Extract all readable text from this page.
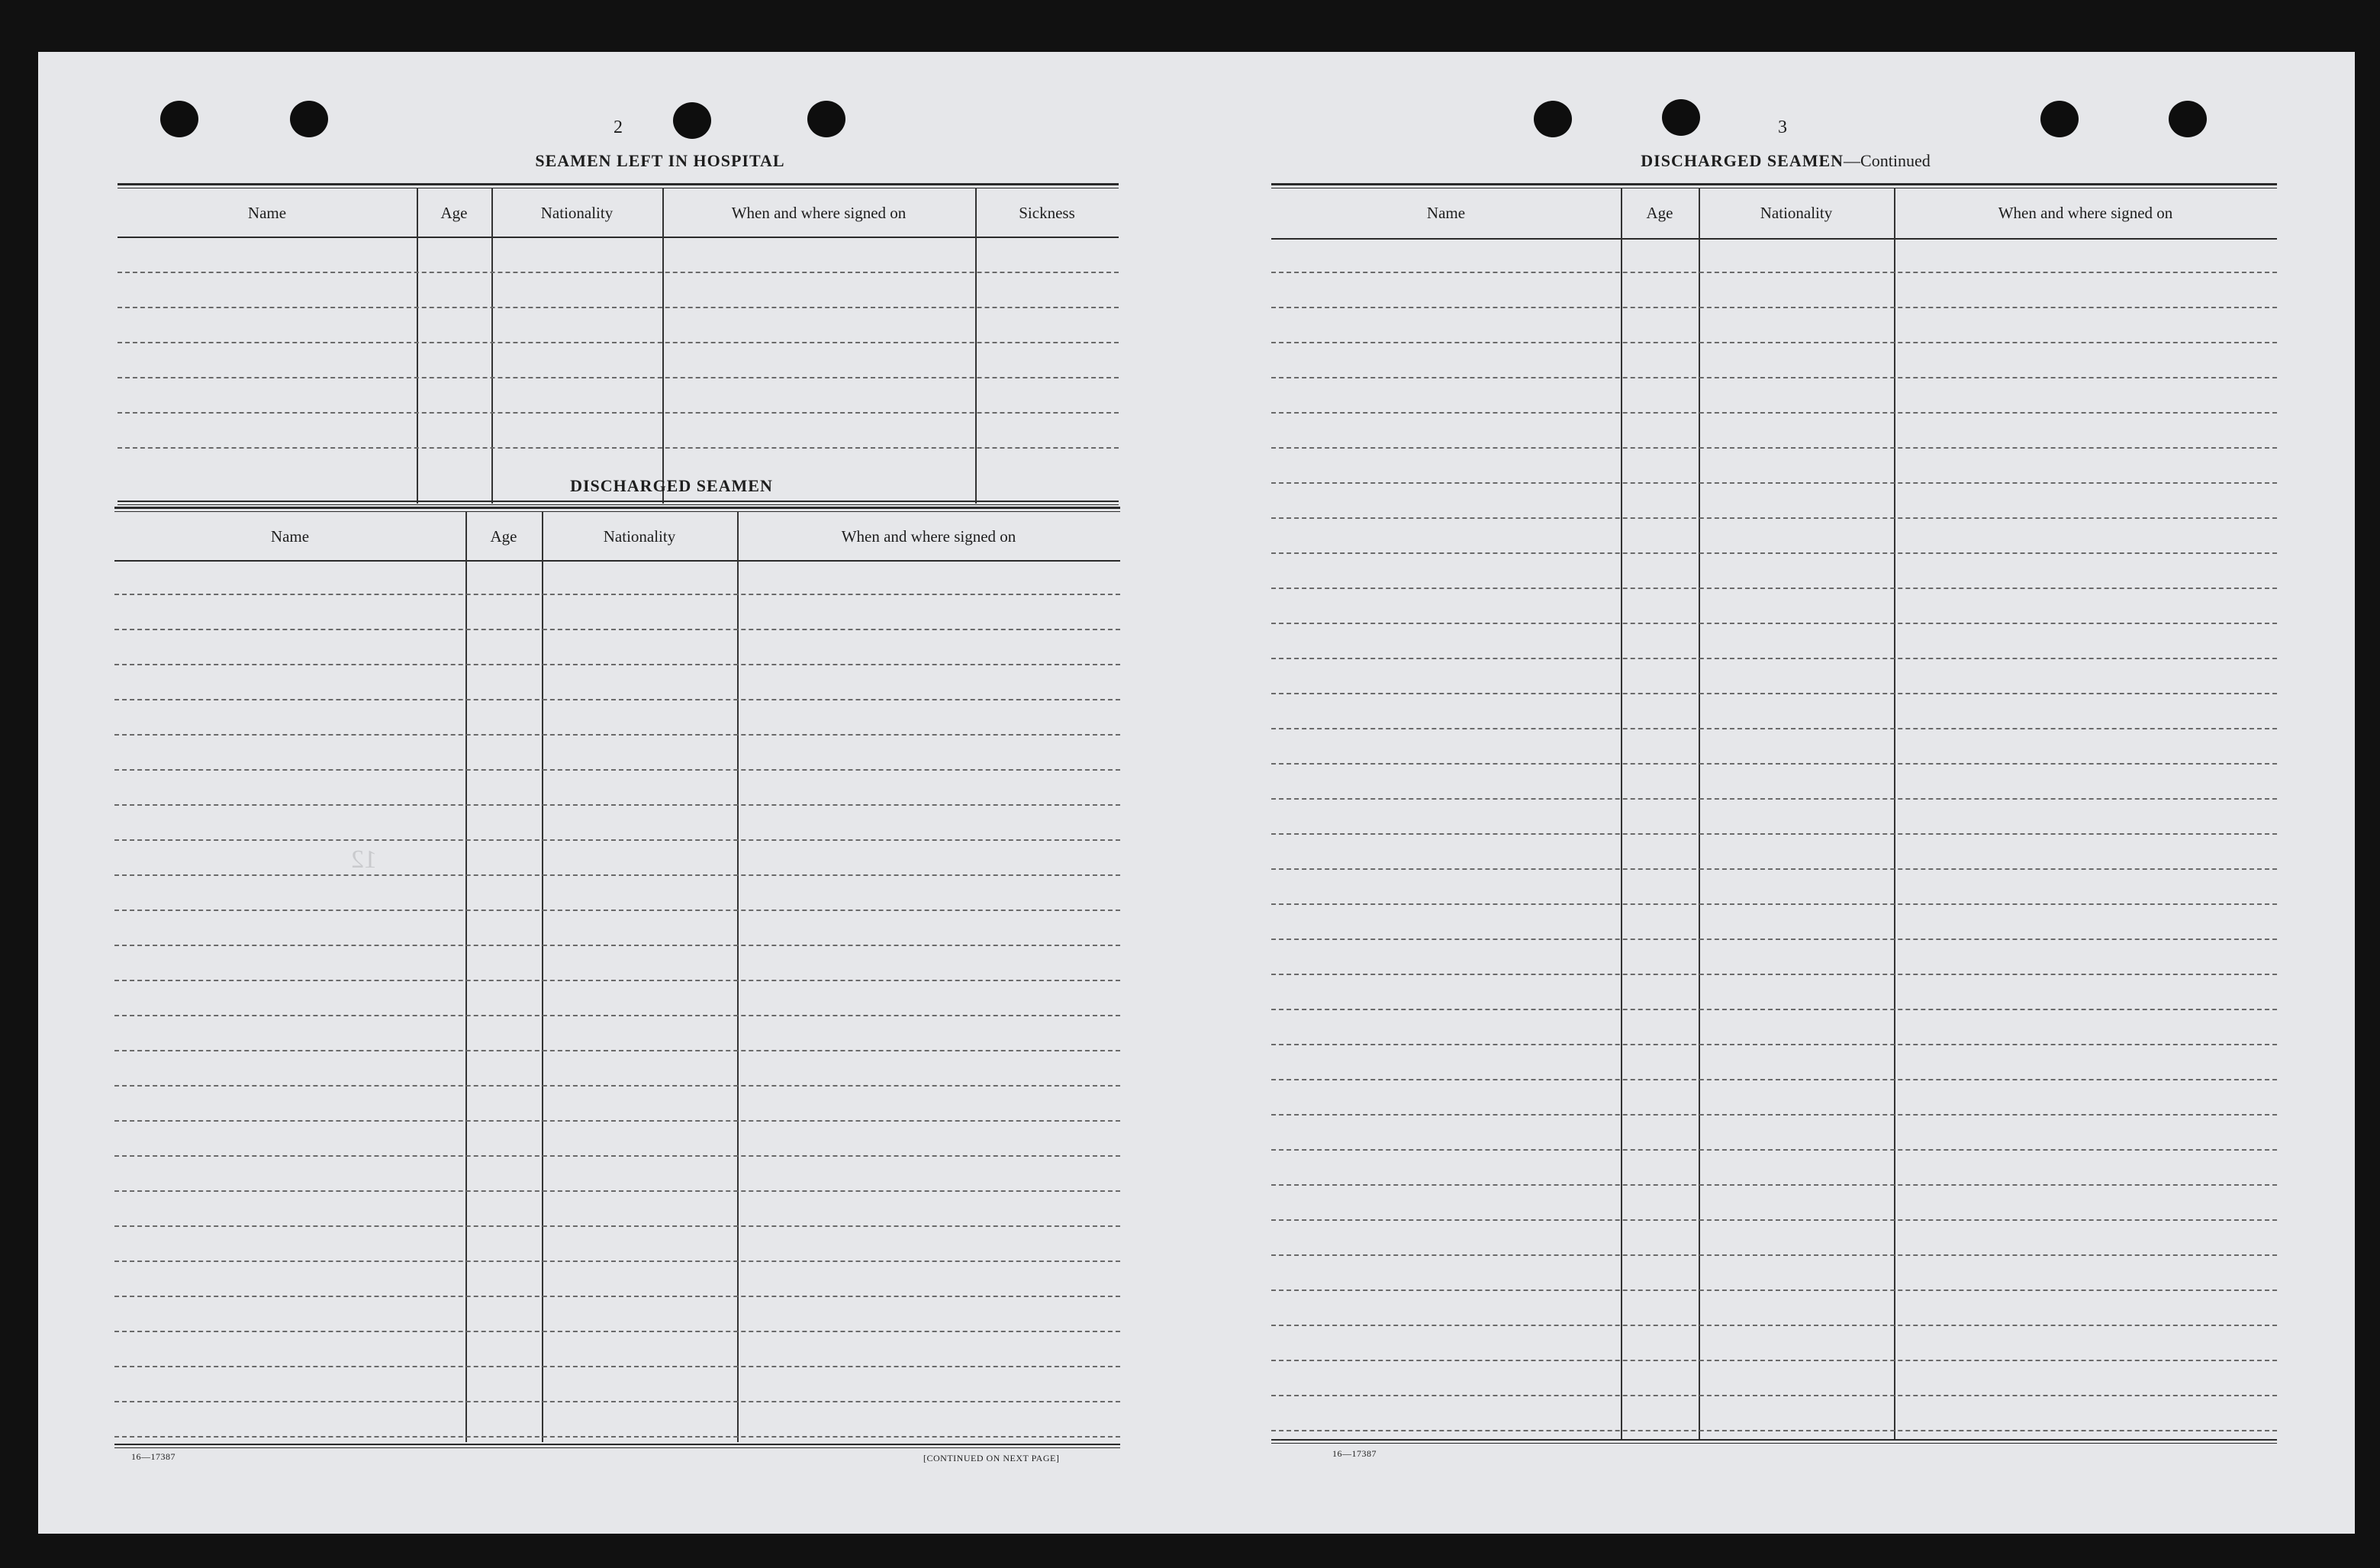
2
SEAMEN LEFT IN HOSPITAL
Name	Age	Nationality	When and where signed on	Sickness
DISCHARGED SEAMEN
Name	Age	Nationality	When and where signed on
12
16—17387	[CONTINUED ON NEXT PAGE]
3
DISCHARGED SEAMEN—Continued
Name	Age	Nationality	When and where signed on
16—17387
